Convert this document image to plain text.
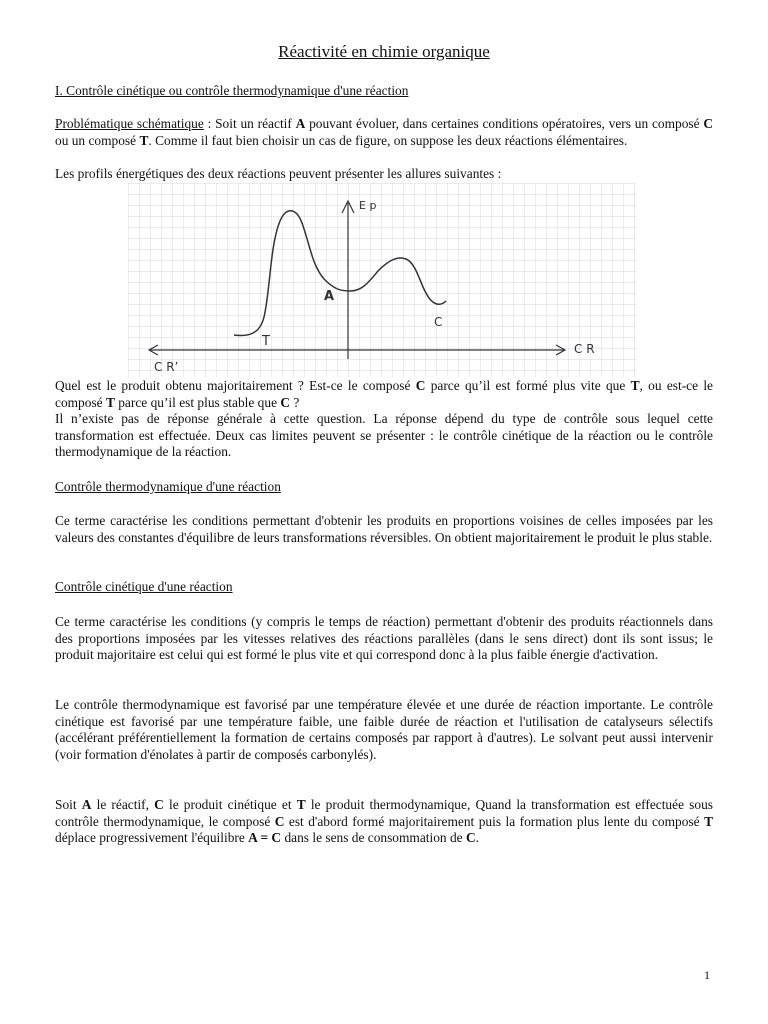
Réactivité en chimie organique

I. Contrôle cinétique ou contrôle thermodynamique d'une réaction

Problématique schématique : Soit un réactif A pouvant évoluer, dans certaines conditions opératoires, vers un composé C ou un composé T. Comme il faut bien choisir un cas de figure, on suppose les deux réactions élémentaires.

Les profils énergétiques des deux réactions peuvent présenter les allures suivantes :

E p
A
T
C
C R
C R’

Quel est le produit obtenu majoritairement ? Est-ce le composé C parce qu’il est formé plus vite que T, ou est-ce le composé T parce qu’il est plus stable que C ?

Il n’existe pas de réponse générale à cette question. La réponse dépend du type de contrôle sous lequel cette transformation est effectuée. Deux cas limites peuvent se présenter : le contrôle cinétique de la réaction ou le contrôle thermodynamique de la réaction.

Contrôle thermodynamique d'une réaction

Ce terme caractérise les conditions permettant d'obtenir les produits en proportions voisines de celles imposées par les valeurs des constantes d'équilibre de leurs transformations réversibles. On obtient majoritairement le produit le plus stable.

Contrôle cinétique d'une réaction

Ce terme caractérise les conditions (y compris le temps de réaction) permettant d'obtenir des produits réactionnels dans des proportions imposées par les vitesses relatives des réactions parallèles (dans le sens direct) dont ils sont issus; le produit majoritaire est celui qui est formé le plus vite et qui correspond donc à la plus faible énergie d'activation.

Le contrôle thermodynamique est favorisé par une température élevée et une durée de réaction importante. Le contrôle cinétique est favorisé par une température faible, une faible durée de réaction et l'utilisation de catalyseurs sélectifs (accélérant préférentiellement la formation de certains composés par rapport à d'autres). Le solvant peut aussi intervenir (voir formation d'énolates à partir de composés carbonylés).

Soit A le réactif, C le produit cinétique et T le produit thermodynamique, Quand la transformation est effectuée sous contrôle thermodynamique, le composé C est d'abord formé majoritairement puis la formation plus lente du composé T déplace progressivement l'équilibre A = C dans le sens de consommation de C.

1
